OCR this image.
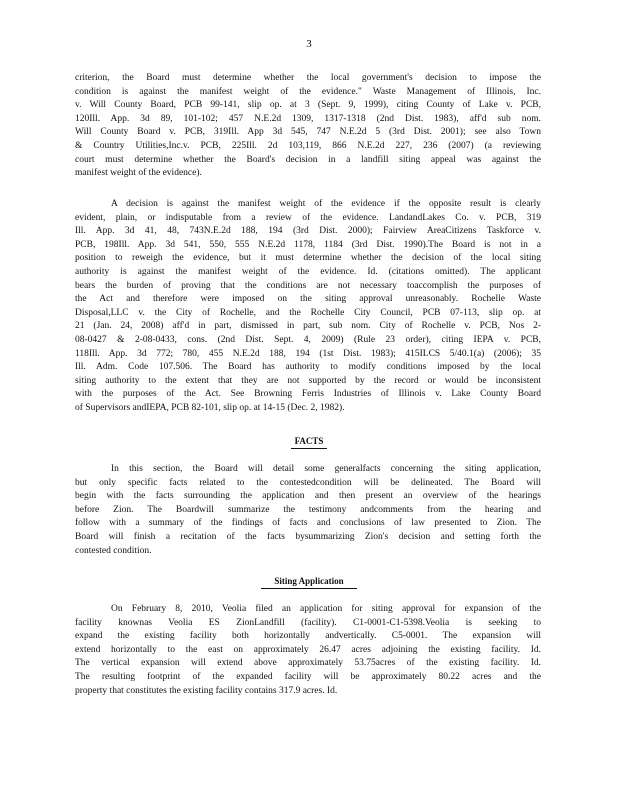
3
criterion, the Board must determine whether the local government's decision to impose the
condition is against the manifest weight of the evidence." Waste Management of Illinois, Inc.
v. Will County Board, PCB 99-141, slip op. at 3 (Sept. 9, 1999), citing County of Lake v. PCB,
120Ill. App. 3d 89, 101-102; 457 N.E.2d 1309, 1317-1318 (2nd Dist. 1983), aff'd sub nom.
Will County Board v. PCB, 319Ill. App 3d 545, 747 N.E.2d 5 (3rd Dist. 2001); see also Town
& Country Utilities,Inc.v. PCB, 225Ill. 2d 103,119, 866 N.E.2d 227, 236 (2007) (a reviewing
court must determine whether the Board's decision in a landfill siting appeal was against the
manifest weight of the evidence).
A decision is against the manifest weight of the evidence if the opposite result is clearly
evident, plain, or indisputable from a review of the evidence. LandandLakes Co. v. PCB, 319
Ill. App. 3d 41, 48, 743N.E.2d 188, 194 (3rd Dist. 2000); Fairview AreaCitizens Taskforce v.
PCB, 198Ill. App. 3d 541, 550, 555 N.E.2d 1178, 1184 (3rd Dist. 1990).The Board is not in a
position to reweigh the evidence, but it must determine whether the decision of the local siting
authority is against the manifest weight of the evidence. Id. (citations omitted). The applicant
bears the burden of proving that the conditions are not necessary toaccomplish the purposes of
the Act and therefore were imposed on the siting approval unreasonably. Rochelle Waste
Disposal,LLC v. the City of Rochelle, and the Rochelle City Council, PCB 07-113, slip op. at
21 (Jan. 24, 2008) aff'd in part, dismissed in part, sub nom. City of Rochelle v. PCB, Nos 2-
08-0427 & 2-08-0433, cons. (2nd Dist. Sept. 4, 2009) (Rule 23 order), citing IEPA v. PCB,
118Ill. App. 3d 772; 780, 455 N.E.2d 188, 194 (1st Dist. 1983); 415ILCS 5/40.1(a) (2006); 35
Ill. Adm. Code 107.506. The Board has authority to modify conditions imposed by the local
siting authority to the extent that they are not supported by the record or would be inconsistent
with the purposes of the Act. See Browning Ferris Industries of Illinois v. Lake County Board
of Supervisors andIEPA, PCB 82-101, slip op. at 14-15 (Dec. 2, 1982).
FACTS
In this section, the Board will detail some generalfacts concerning the siting application,
but only specific facts related to the contestedcondition will be delineated. The Board will
begin with the facts surrounding the application and then present an overview of the hearings
before Zion. The Boardwill summarize the testimony andcomments from the hearing and
follow with a summary of the findings of facts and conclusions of law presented to Zion. The
Board will finish a recitation of the facts bysummarizing Zion's decision and setting forth the
contested condition.
Siting Application
On February 8, 2010, Veolia filed an application for siting approval for expansion of the
facility knownas Veolia ES ZionLandfill (facility). C1-0001-C1-5398.Veolia is seeking to
expand the existing facility both horizontally andvertically. C5-0001. The expansion will
extend horizontally to the east on approximately 26.47 acres adjoining the existing facility. Id.
The vertical expansion will extend above approximately 53.75acres of the existing facility. Id.
The resulting footprint of the expanded facility will be approximately 80.22 acres and the
property that constitutes the existing facility contains 317.9 acres. Id.
